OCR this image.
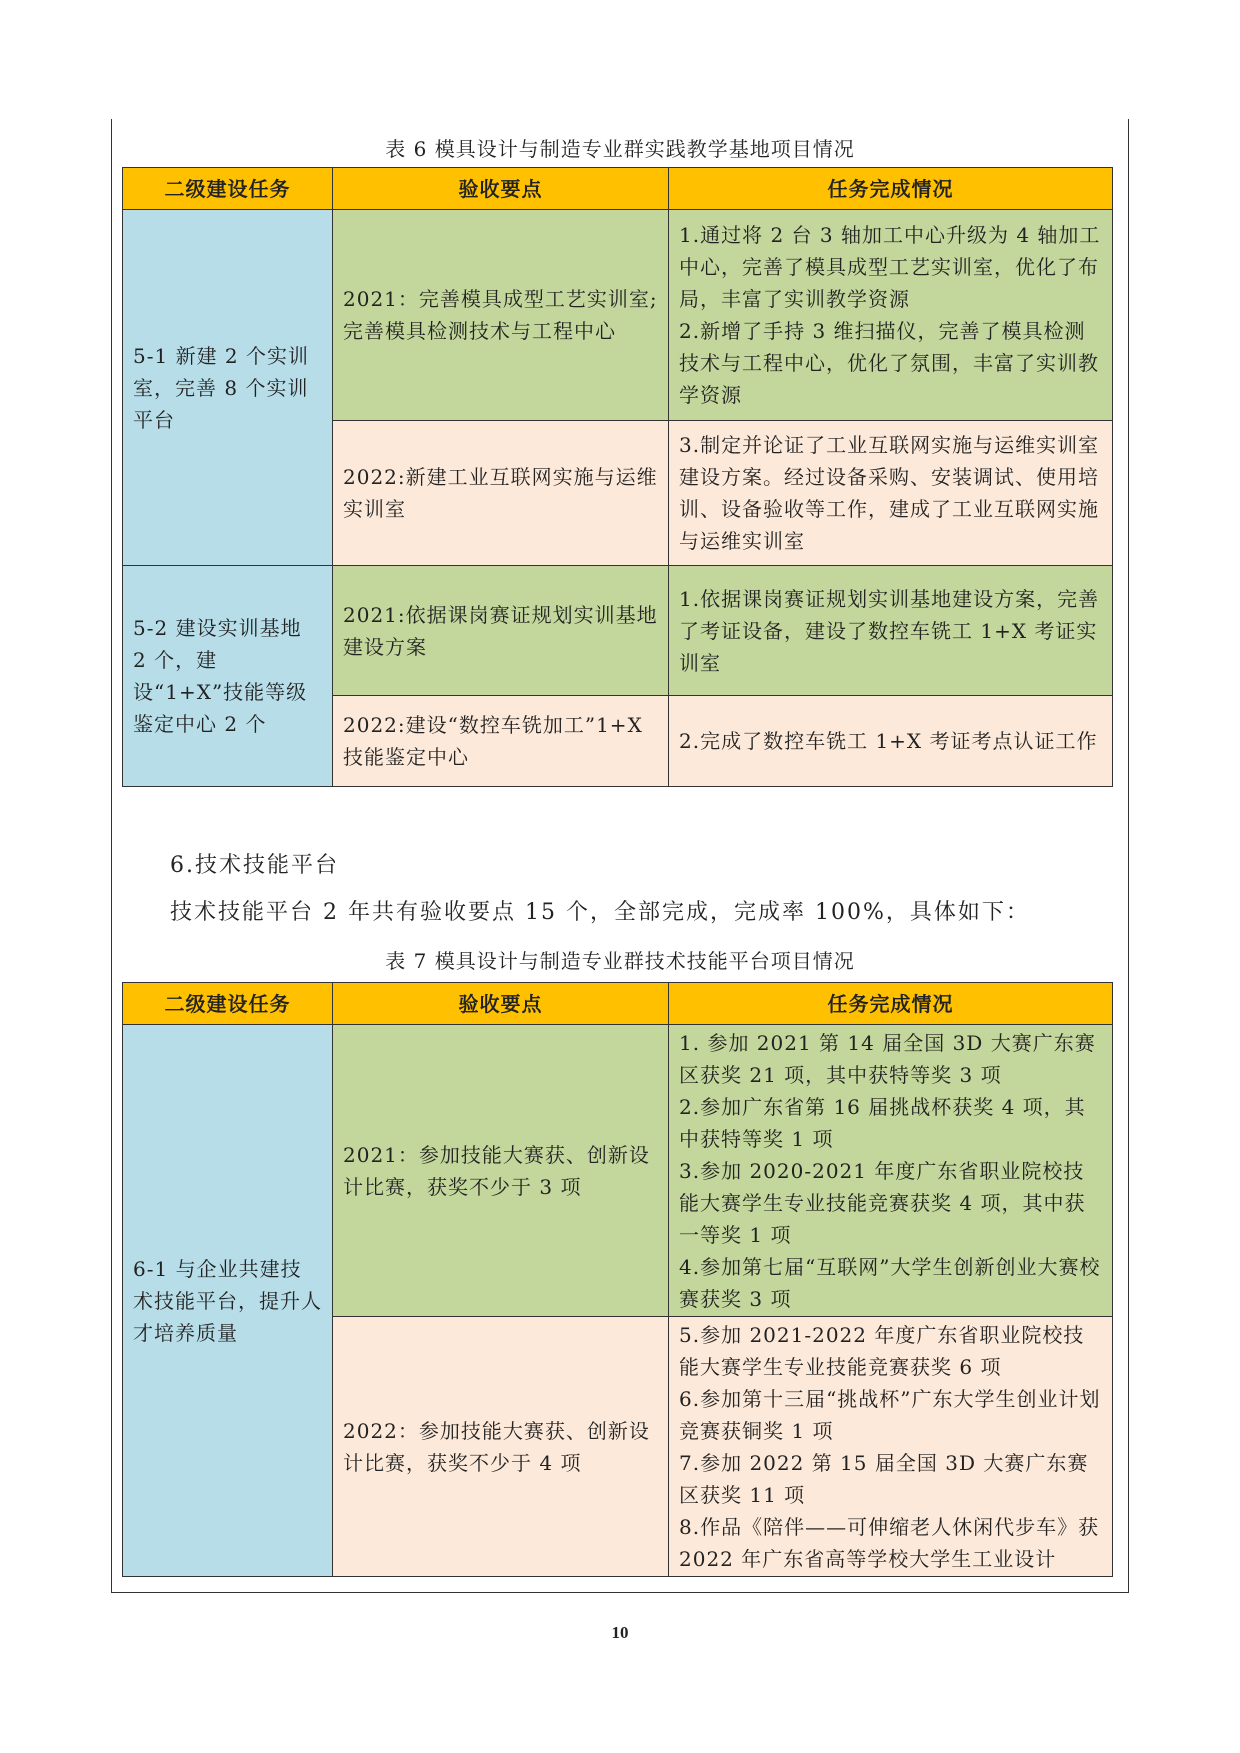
表 6 模具设计与制造专业群实践教学基地项目情况
二级建设任务	验收要点	任务完成情况
5-1 新建 2 个实训室，完善 8 个实训平台	2021：完善模具成型工艺实训室;完善模具检测技术与工程中心	1.通过将 2 台 3 轴加工中心升级为 4 轴加工中心，完善了模具成型工艺实训室，优化了布局，丰富了实训教学资源
2.新增了手持 3 维扫描仪，完善了模具检测技术与工程中心，优化了氛围，丰富了实训教学资源

	2022:新建工业互联网实施与运维实训室	3.制定并论证了工业互联网实施与运维实训室建设方案。经过设备采购、安装调试、使用培训、设备验收等工作，建成了工业互联网实施与运维实训室

5-2 建设实训基地 2 个，建设“1+X”技能等级鉴定中心 2 个	2021:依据课岗赛证规划实训基地建设方案	1.依据课岗赛证规划实训基地建设方案，完善了考证设备，建设了数控车铣工 1+X 考证实训室

	2022:建设“数控车铣加工”1+X 技能鉴定中心	2.完成了数控车铣工 1+X 考证考点认证工作
6.技术技能平台
技术技能平台 2 年共有验收要点 15 个，全部完成，完成率 100%，具体如下：
表 7 模具设计与制造专业群技术技能平台项目情况
二级建设任务	验收要点	任务完成情况
6-1 与企业共建技术技能平台，提升人才培养质量	2021：参加技能大赛获、创新设计比赛，获奖不少于 3 项	1. 参加 2021 第 14 届全国 3D 大赛广东赛区获奖 21 项，其中获特等奖 3 项
2.参加广东省第 16 届挑战杯获奖 4 项，其中获特等奖 1 项
3.参加 2020-2021 年度广东省职业院校技能大赛学生专业技能竞赛获奖 4 项，其中获一等奖 1 项
4.参加第七届“互联网”大学生创新创业大赛校赛获奖 3 项

	2022：参加技能大赛获、创新设计比赛，获奖不少于 4 项	5.参加 2021-2022 年度广东省职业院校技能大赛学生专业技能竞赛获奖 6 项
6.参加第十三届“挑战杯”广东大学生创业计划竞赛获铜奖 1 项
7.参加 2022 第 15 届全国 3D 大赛广东赛区获奖 11 项
8.作品《陪伴——可伸缩老人休闲代步车》获 2022 年广东省高等学校大学生工业设计
10
